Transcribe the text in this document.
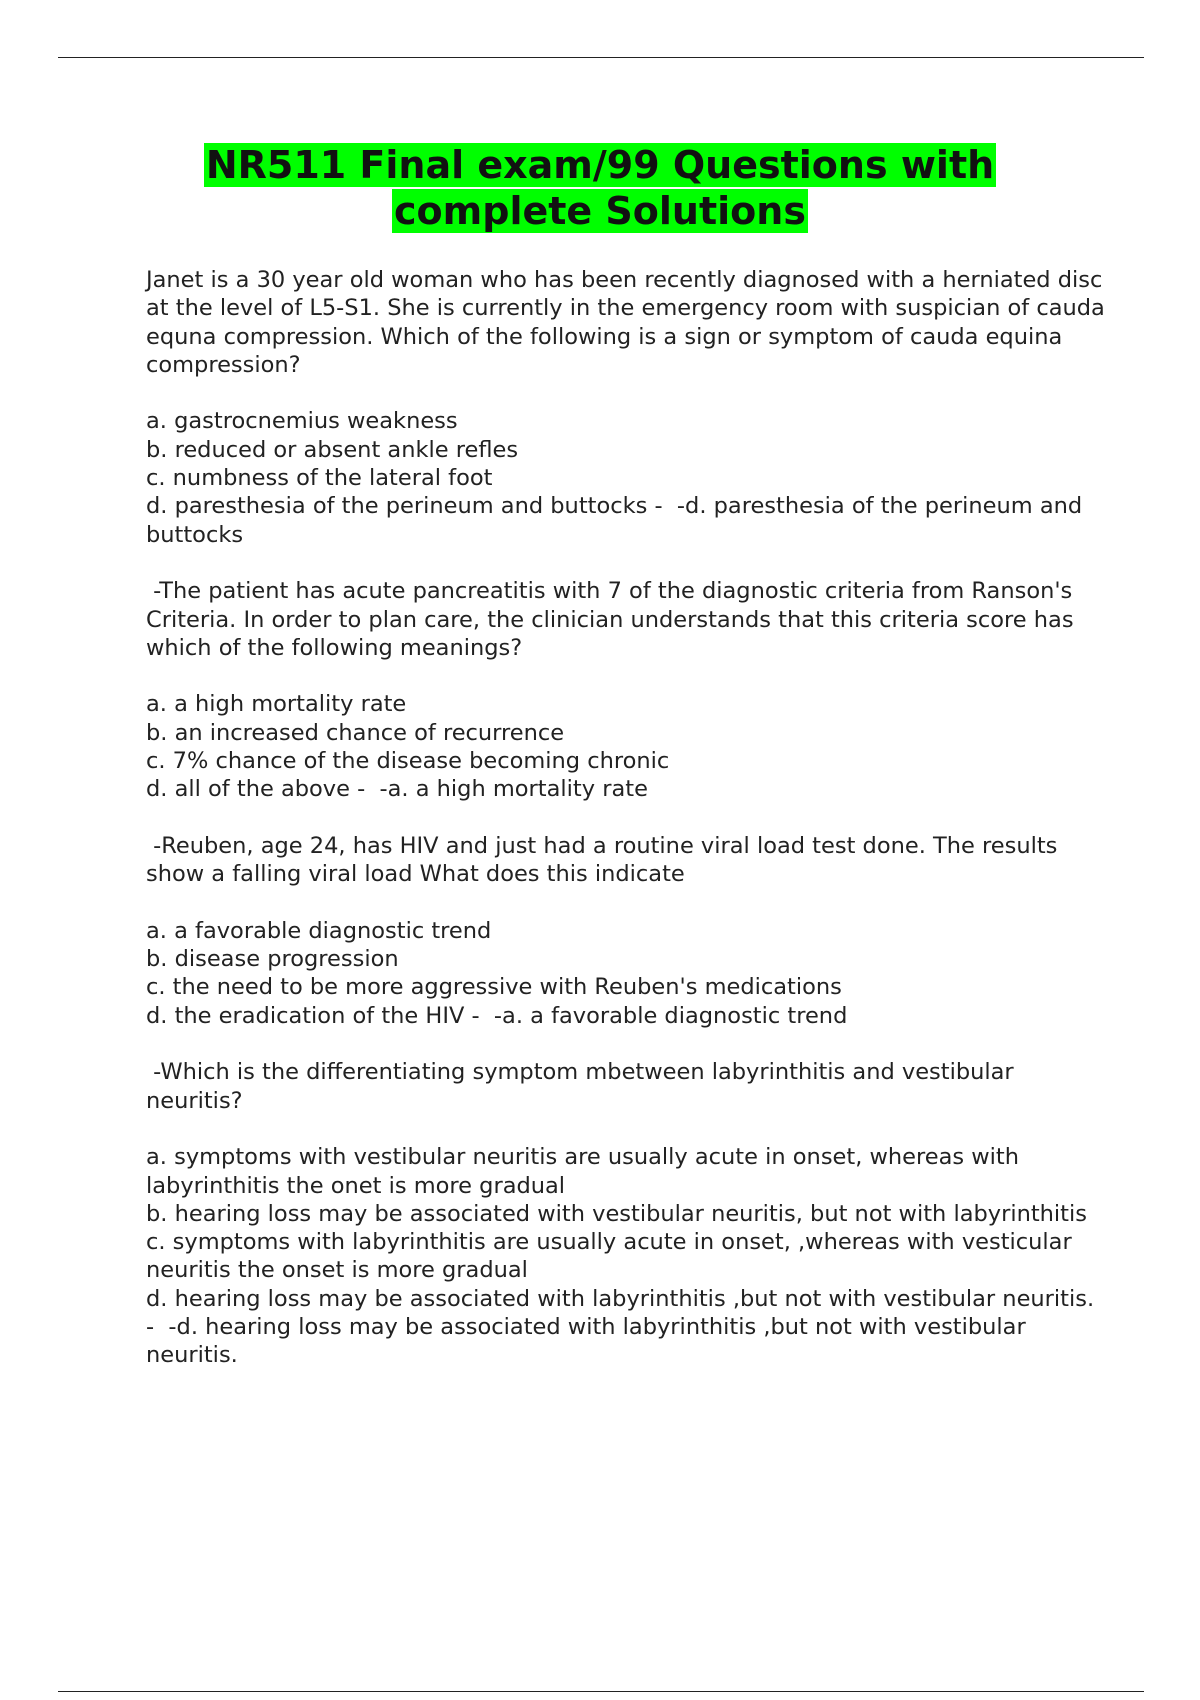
NR511 Final exam/99 Questions with
complete Solutions

Janet is a 30 year old woman who has been recently diagnosed with a herniated disc at the level of L5-S1. She is currently in the emergency room with suspician of cauda equna compression. Which of the following is a sign or symptom of cauda equina compression?

a. gastrocnemius weakness

b. reduced or absent ankle refles

c. numbness of the lateral foot

d. paresthesia of the perineum and buttocks -  -d. paresthesia of the perineum and buttocks

-The patient has acute pancreatitis with 7 of the diagnostic criteria from Ranson's Criteria. In order to plan care, the clinician understands that this criteria score has which of the following meanings?

a. a high mortality rate

b. an increased chance of recurrence

c. 7% chance of the disease becoming chronic

d. all of the above -  -a. a high mortality rate

-Reuben, age 24, has HIV and just had a routine viral load test done. The results show a falling viral load What does this indicate

a. a favorable diagnostic trend

b. disease progression

c. the need to be more aggressive with Reuben's medications

d. the eradication of the HIV -  -a. a favorable diagnostic trend

-Which is the differentiating symptom mbetween labyrinthitis and vestibular neuritis?

a. symptoms with vestibular neuritis are usually acute in onset, whereas with labyrinthitis the onet is more gradual

b. hearing loss may be associated with vestibular neuritis, but not with labyrinthitis

c. symptoms with labyrinthitis are usually acute in onset, ,whereas with vesticular neuritis the onset is more gradual

d. hearing loss may be associated with labyrinthitis ,but not with vestibular neuritis. -  -d. hearing loss may be associated with labyrinthitis ,but not with vestibular neuritis.
